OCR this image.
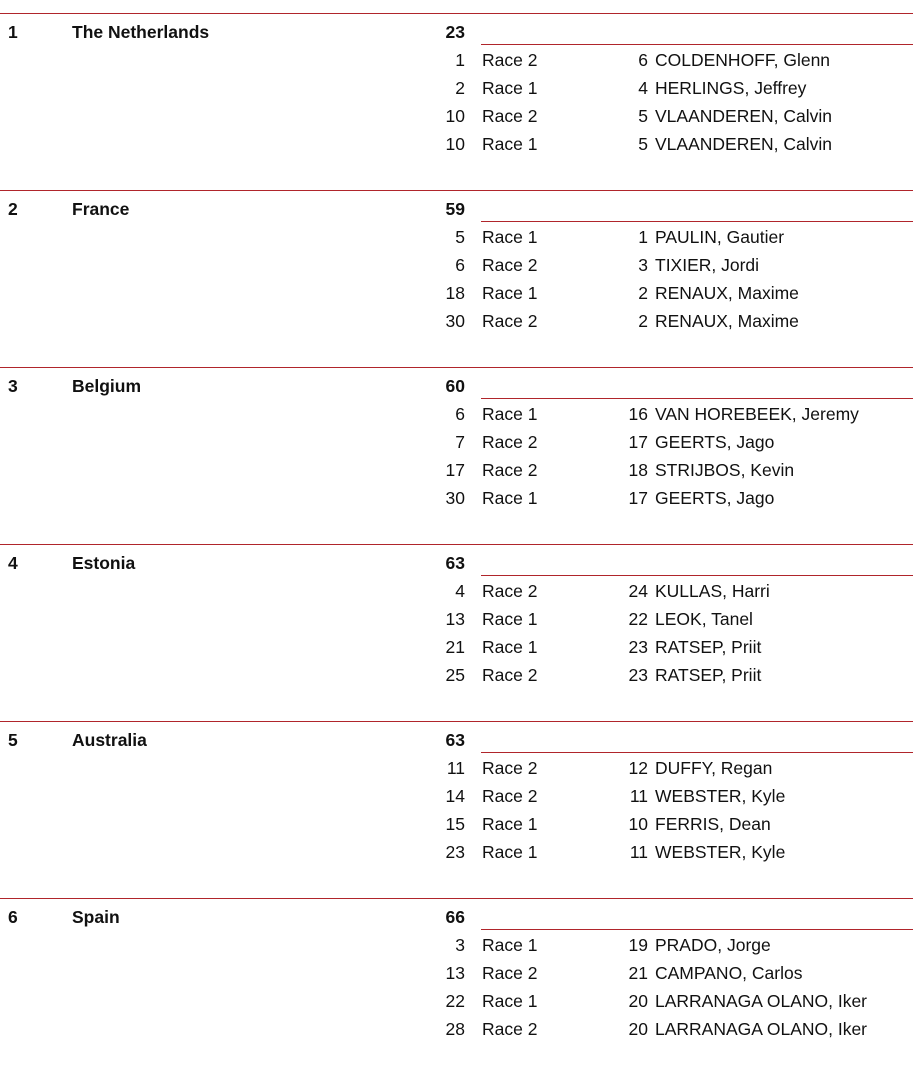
1	The Netherlands	23
1 Race 2	6 COLDENHOFF, Glenn
2 Race 1	4 HERLINGS, Jeffrey
10 Race 2	5 VLAANDEREN, Calvin
10 Race 1	5 VLAANDEREN, Calvin
2	France	59
5 Race 1	1 PAULIN, Gautier
6 Race 2	3 TIXIER, Jordi
18 Race 1	2 RENAUX, Maxime
30 Race 2	2 RENAUX, Maxime
3	Belgium	60
6 Race 1	16 VAN HOREBEEK, Jeremy
7 Race 2	17 GEERTS, Jago
17 Race 2	18 STRIJBOS, Kevin
30 Race 1	17 GEERTS, Jago
4	Estonia	63
4 Race 2	24 KULLAS, Harri
13 Race 1	22 LEOK, Tanel
21 Race 1	23 RATSEP, Priit
25 Race 2	23 RATSEP, Priit
5	Australia	63
11 Race 2	12 DUFFY, Regan
14 Race 2	11 WEBSTER, Kyle
15 Race 1	10 FERRIS, Dean
23 Race 1	11 WEBSTER, Kyle
6	Spain	66
3 Race 1	19 PRADO, Jorge
13 Race 2	21 CAMPANO, Carlos
22 Race 1	20 LARRANAGA OLANO, Iker
28 Race 2	20 LARRANAGA OLANO, Iker
